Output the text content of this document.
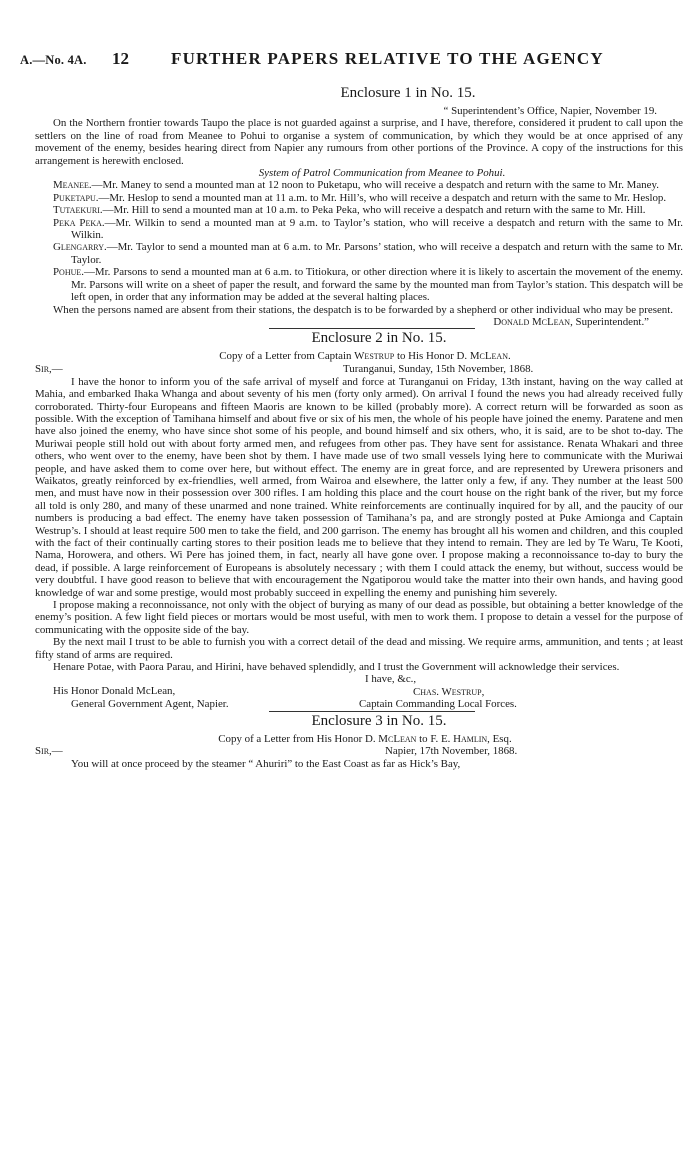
A.—No. 4A. 12 FURTHER PAPERS RELATIVE TO THE AGENCY
Enclosure 1 in No. 15.
“ Superintendent’s Office, Napier, November 19.

On the Northern frontier towards Taupo the place is not guarded against a surprise, and I have, therefore, considered it prudent to call upon the settlers on the line of road from Meanee to Pohui to organise a system of communication, by which they would be at once apprised of any movement of the enemy, besides hearing direct from Napier any rumours from other portions of the Province. A copy of the instructions for this arrangement is herewith enclosed.

System of Patrol Communication from Meanee to Pohui.

Meanee.—Mr. Maney to send a mounted man at 12 noon to Puketapu, who will receive a despatch and return with the same to Mr. Maney.

Puketapu.—Mr. Heslop to send a mounted man at 11 a.m. to Mr. Hill’s, who will receive a despatch and return with the same to Mr. Heslop.

Tutaekuri.—Mr. Hill to send a mounted man at 10 a.m. to Peka Peka, who will receive a despatch and return with the same to Mr. Hill.

Peka Peka.—Mr. Wilkin to send a mounted man at 9 a.m. to Taylor’s station, who will receive a despatch and return with the same to Mr. Wilkin.

Glengarry.—Mr. Taylor to send a mounted man at 6 a.m. to Mr. Parsons’ station, who will receive a despatch and return with the same to Mr. Taylor.

Pohue.—Mr. Parsons to send a mounted man at 6 a.m. to Titiokura, or other direction where it is likely to ascertain the movement of the enemy. Mr. Parsons will write on a sheet of paper the result, and forward the same by the mounted man from Taylor’s station. This despatch will be left open, in order that any information may be added at the several halting places.

When the persons named are absent from their stations, the despatch is to be forwarded by a shepherd or other individual who may be present.

Donald McLean, Superintendent.”
Enclosure 2 in No. 15.
Copy of a Letter from Captain Westrup to His Honor D. McLean.
Sir,—	Turanganui, Sunday, 15th November, 1868.

I have the honor to inform you of the safe arrival of myself and force at Turanganui on Friday, 13th instant, having on the way called at Mahia, and embarked Ihaka Whanga and about seventy of his men (forty only armed). On arrival I found the news you had already received fully corroborated. Thirty-four Europeans and fifteen Maoris are known to be killed (probably more). A correct return will be forwarded as soon as possible. With the exception of Tamihana himself and about five or six of his men, the whole of his people have joined the enemy. Paratene and men have also joined the enemy, who have since shot some of his people, and bound himself and six others, who, it is said, are to be shot to-day. The Muriwai people still hold out with about forty armed men, and refugees from other pas. They have sent for assistance. Renata Whakari and three others, who went over to the enemy, have been shot by them. I have made use of two small vessels lying here to communicate with the Muriwai people, and have asked them to come over here, but without effect. The enemy are in great force, and are represented by Urewera prisoners and Waikatos, greatly reinforced by ex-friendlies, well armed, from Wairoa and elsewhere, the latter only a few, if any. They number at the least 500 men, and must have now in their possession over 300 rifles. I am holding this place and the court house on the right bank of the river, but my force all told is only 280, and many of these unarmed and none trained. White reinforcements are continually inquired for by all, and the paucity of our numbers is producing a bad effect. The enemy have taken possession of Tamihana’s pa, and are strongly posted at Puke Amionga and Captain Westrup’s. I should at least require 500 men to take the field, and 200 garrison. The enemy has brought all his women and children, and this coupled with the fact of their continually carting stores to their position leads me to believe that they intend to remain. They are led by Te Waru, Te Kooti, Nama, Horowera, and others. Wi Pere has joined them, in fact, nearly all have gone over. I propose making a reconnoissance to-day to bury the dead, if possible. A large reinforcement of Europeans is absolutely necessary ; with them I could attack the enemy, but without, success would be very doubtful. I have good reason to believe that with encouragement the Ngatiporou would take the matter into their own hands, and having good knowledge of war and some prestige, would most probably succeed in expelling the enemy and punishing him severely.

I propose making a reconnoissance, not only with the object of burying as many of our dead as possible, but obtaining a better knowledge of the enemy’s position. A few light field pieces or mortars would be most useful, with men to work them. I propose to detain a vessel for the purpose of communicating with the opposite side of the bay.

By the next mail I trust to be able to furnish you with a correct detail of the dead and missing. We require arms, ammunition, and tents ; at least fifty stand of arms are required.

Henare Potae, with Paora Parau, and Hirini, have behaved splendidly, and I trust the Government will acknowledge their services.

His Honor Donald McLean,
I have, &c.,
Chas. Westrup,
General Government Agent, Napier.	Captain Commanding Local Forces.
Enclosure 3 in No. 15.
Copy of a Letter from His Honor D. McLean to F. E. Hamlin, Esq.
Sir,—	Napier, 17th November, 1868.

You will at once proceed by the steamer “ Ahuriri” to the East Coast as far as Hick’s Bay,
